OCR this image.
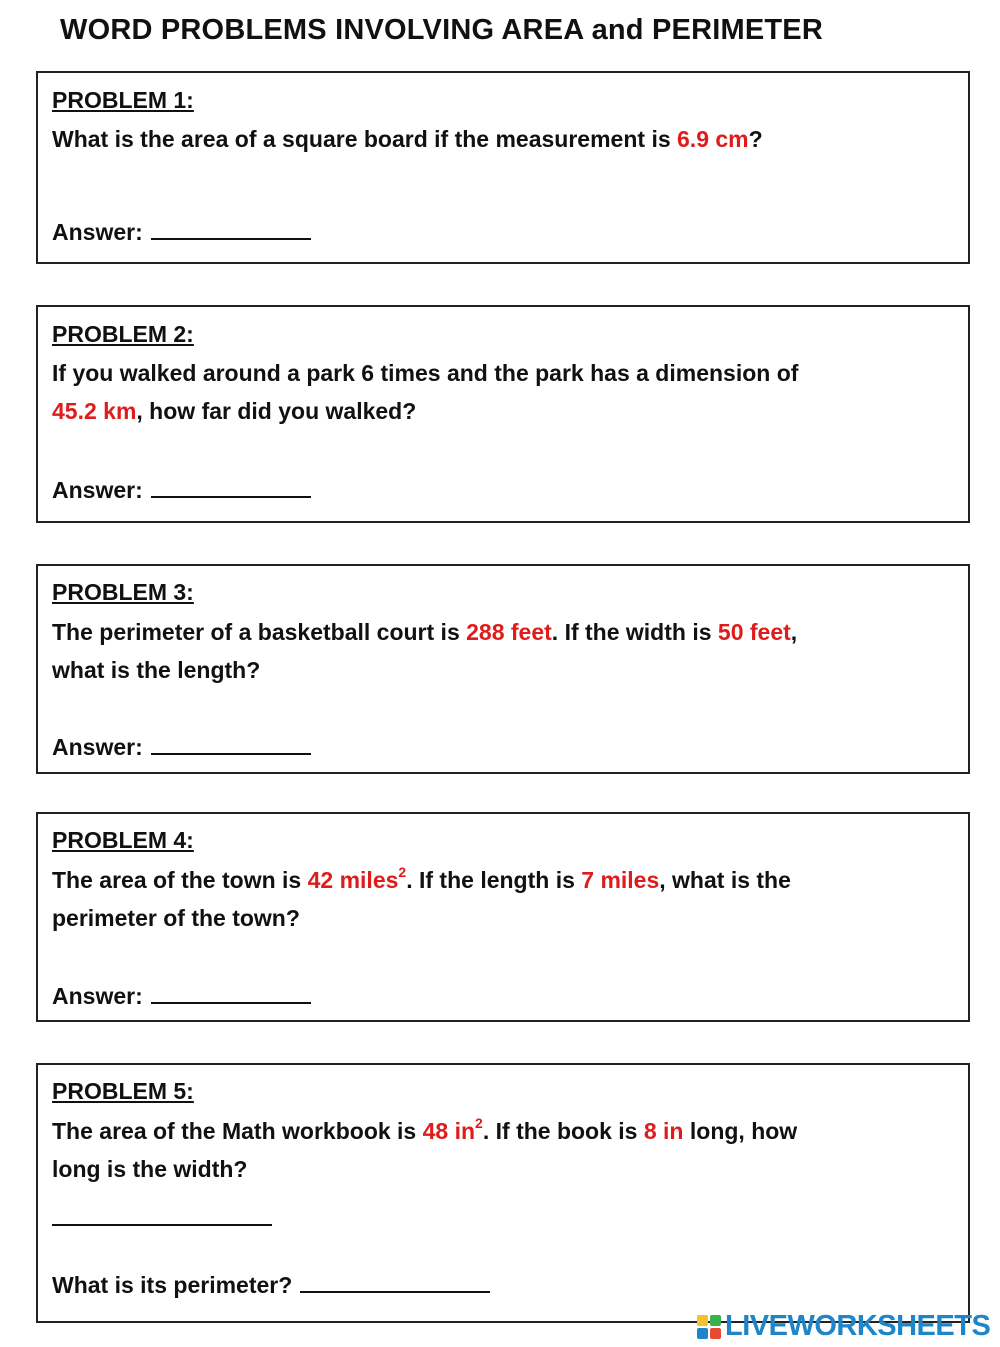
WORD PROBLEMS INVOLVING AREA and PERIMETER
PROBLEM 1:
What is the area of a square board if the measurement is 6.9 cm?
Answer:
PROBLEM 2:
If you walked around a park 6 times and the park has a dimension of
45.2 km, how far did you walked?
Answer:
PROBLEM 3:
The perimeter of a basketball court is 288 feet. If the width is 50 feet,
what is the length?
Answer:
PROBLEM 4:
The area of the town is 42 miles$^2$. If the length is 7 miles, what is the
perimeter of the town?
Answer:
PROBLEM 5:
The area of the Math workbook is 48 $in^2$. If the book is 8 in long, how
long is the width?
What is its perimeter?
LIVEWORKSHEETS
